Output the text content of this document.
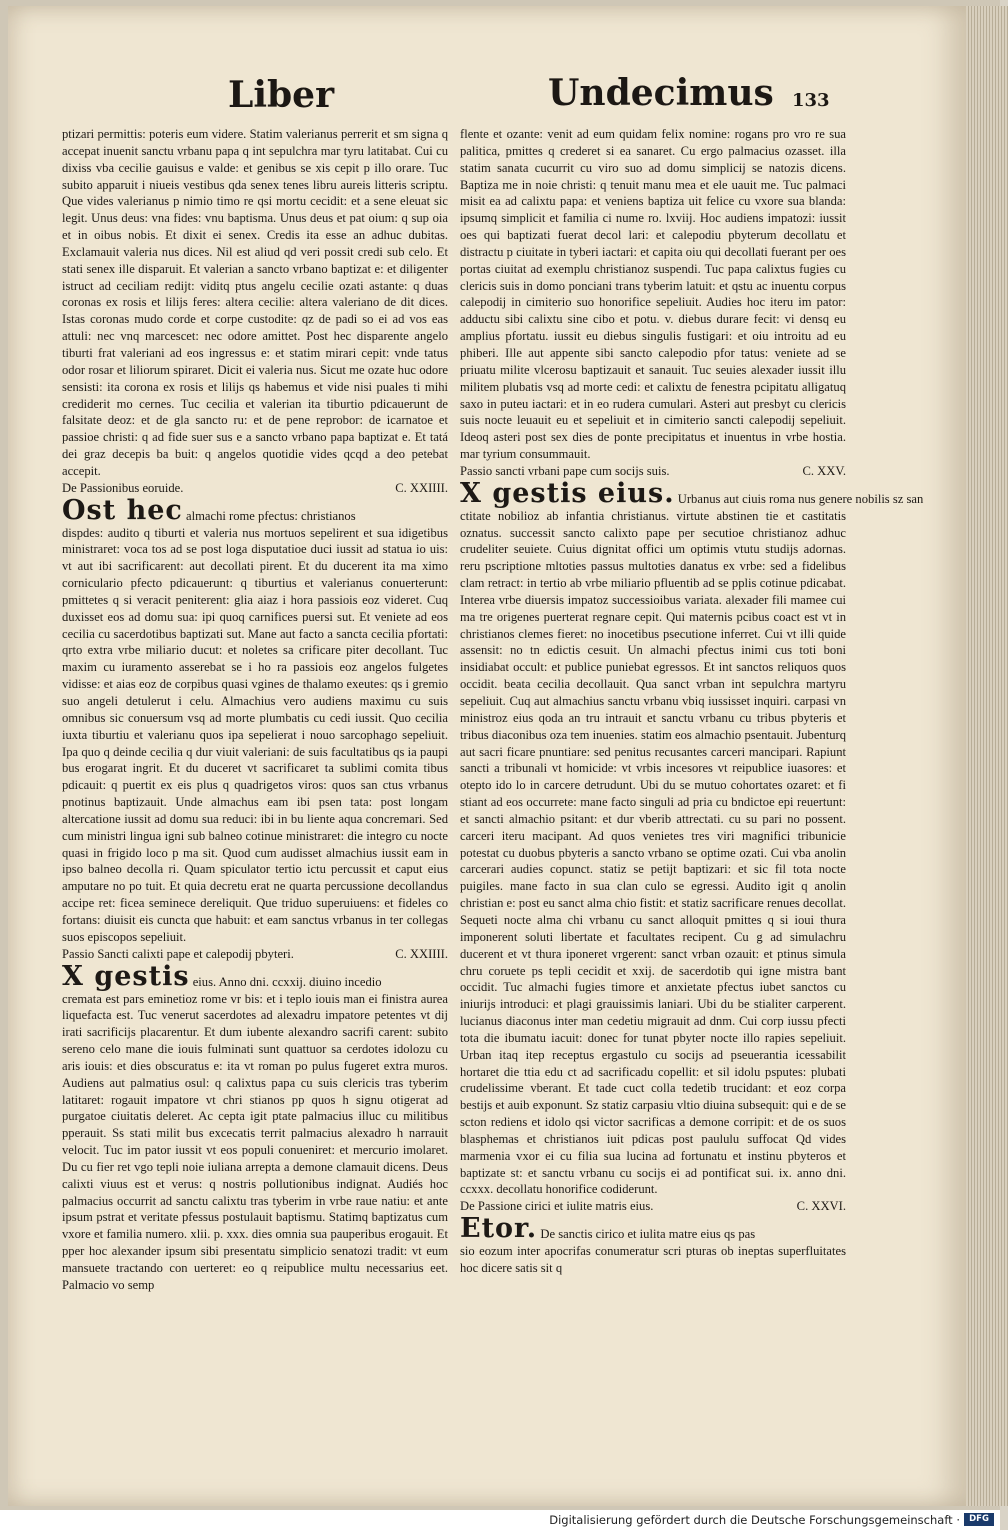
Liber	Undecimus 133

ptizari permittis: poteris eum videre. Statim valerianus perrerit et sm signa q accepat inuenit sanctu vrbanu papa q int sepulchra mar tyru latitabat. Cui cu dixiss vba cecilie gauisus e valde: et genibus se xis cepit p illo orare. Tuc subito apparuit i niueis vestibus qda senex tenes libru aureis litteris scriptu. Que vides valerianus p nimio timo re qsi mortu cecidit: et a sene eleuat sic legit. Unus deus: vna fides: vnu baptisma. Unus deus et pat oium: q sup oia et in oibus nobis. Et dixit ei senex. Credis ita esse an adhuc dubitas. Exclamauit valeria nus dices. Nil est aliud qd veri possit credi sub celo. Et stati senex ille disparuit. Et valerian a sancto vrbano baptizat e: et diligenter istruct ad ceciliam redijt: viditq ptus angelu cecilie ozati astante: q duas coronas ex rosis et lilijs feres: altera cecilie: altera valeriano de dit dices. Istas coronas mudo corde et corpe custodite: qz de padi so ei ad vos eas attuli: nec vnq marcescet: nec odore amittet. Post hec disparente angelo tiburti frat valeriani ad eos ingressus e: et statim mirari cepit: vnde tatus odor rosar et liliorum spiraret. Dicit ei valeria nus. Sicut me ozate huc odore sensisti: ita corona ex rosis et lilijs qs habemus et vide nisi puales ti mihi crediderit mo cernes. Tuc cecilia et valerian ita tiburtio pdicauerunt de falsitate deoz: et de gla sancto ru: et de pene reprobor: de icarnatoe et passioe christi: q ad fide suer sus e a sancto vrbano papa baptizat e. Et tatá dei graz decepis ba buit: q angelos quotidie vides qcqd a deo petebat accepit.

De Passionibus eoruide.	C. XXIIII.

Ost hec almachi rome pfectus: christianos

dispdes: audito q tiburti et valeria nus mortuos sepelirent et sua idigetibus ministraret: voca tos ad se post loga disputatioe duci iussit ad statua io uis: vt aut ibi sacrificarent: aut decollati pirent. Et du ducerent ita ma ximo corniculario pfecto pdicauerunt: q tiburtius et valerianus conuerterunt: pmittetes q si veracit peniterent: glia aiaz i hora passiois eoz videret. Cuq duxisset eos ad domu sua: ipi quoq carnifices puersi sut. Et veniete ad eos cecilia cu sacerdotibus baptizati sut. Mane aut facto a sancta cecilia pfortati: qrto extra vrbe miliario ducut: et noletes sa crificare piter decollant. Tuc maxim cu iuramento asserebat se i ho ra passiois eoz angelos fulgetes vidisse: et aias eoz de corpibus quasi vgines de thalamo exeutes: qs i gremio suo angeli detulerut i celu. Almachius vero audiens maximu cu suis omnibus sic conuersum vsq ad morte plumbatis cu cedi iussit. Quo cecilia iuxta tiburtiu et valerianu quos ipa sepelierat i nouo sarcophago sepeliuit. Ipa quo q deinde cecilia q dur viuit valeriani: de suis facultatibus qs ia paupi bus erogarat ingrit. Et du duceret vt sacrificaret ta sublimi comita tibus pdicauit: q puertit ex eis plus q quadrigetos viros: quos san ctus vrbanus pnotinus baptizauit. Unde almachus eam ibi psen tata: post longam altercatione iussit ad domu sua reduci: ibi in bu liente aqua concremari. Sed cum ministri lingua igni sub balneo cotinue ministraret: die integro cu nocte quasi in frigido loco p ma sit. Quod cum audisset almachius iussit eam in ipso balneo decolla ri. Quam spiculator tertio ictu percussit et caput eius amputare no po tuit. Et quia decretu erat ne quarta percussione decollandus accipe ret: ficea seminece dereliquit. Que triduo superuiuens: et fideles co fortans: diuisit eis cuncta que habuit: et eam sanctus vrbanus in ter collegas suos episcopos sepeliuit.

Passio Sancti calixti pape et calepodij pbyteri.	C. XXIIII.

X gestis eius. Anno dni. ccxxij. diuino incedio

cremata est pars eminetioz rome vr bis: et i teplo iouis man ei finistra aurea liquefacta est. Tuc venerut sacerdotes ad alexadru impatore petentes vt dij irati sacrificijs placarentur. Et dum iubente alexandro sacrifi carent: subito sereno celo mane die iouis fulminati sunt quattuor sa cerdotes idolozu cu aris iouis: et dies obscuratus e: ita vt roman po pulus fugeret extra muros. Audiens aut palmatius osul: q calixtus papa cu suis clericis tras tyberim latitaret: rogauit impatore vt chri stianos pp quos h signu otigerat ad purgatoe ciuitatis deleret. Ac cepta igit ptate palmacius illuc cu militibus pperauit. Ss stati milit bus excecatis territ palmacius alexadro h narrauit velocit. Tuc im pator iussit vt eos populi conueniret: et mercurio imolaret. Du cu fier ret vgo tepli noie iuliana arrepta a demone clamauit dicens. Deus calixti viuus est et verus: q nostris pollutionibus indignat. Audiés hoc palmacius occurrit ad sanctu calixtu tras tyberim in vrbe raue natiu: et ante ipsum pstrat et veritate pfessus postulauit baptismu. Statimq baptizatus cum vxore et familia numero. xlii. p. xxx. dies omnia sua pauperibus erogauit. Et pper hoc alexander ipsum sibi presentatu simplicio senatozi tradit: vt eum mansuete tractando con uerteret: eo q reipublice multu necessarius eet. Palmacio vo semp

flente et ozante: venit ad eum quidam felix nomine: rogans pro vro re sua palitica, pmittes q crederet si ea sanaret. Cu ergo palmacius ozasset. illa statim sanata cucurrit cu viro suo ad domu simplicij se natozis dicens. Baptiza me in noie christi: q tenuit manu mea et ele uauit me. Tuc palmaci misit ea ad calixtu papa: et veniens baptiza uit felice cu vxore sua blanda: ipsumq simplicit et familia ci nume ro. lxviij. Hoc audiens impatozi: iussit oes qui baptizati fuerat decol lari: et calepodiu pbyterum decollatu et distractu p ciuitate in tyberi iactari: et capita oiu qui decollati fuerant per oes portas ciuitat ad exemplu christianoz suspendi. Tuc papa calixtus fugies cu clericis suis in domo ponciani trans tyberim latuit: et qstu ac inuentu corpus calepodij in cimiterio suo honorifice sepeliuit. Audies hoc iteru im pator: adductu sibi calixtu sine cibo et potu. v. diebus durare fecit: vi densq eu amplius pfortatu. iussit eu diebus singulis fustigari: et oiu introitu ad eu phiberi. Ille aut appente sibi sancto calepodio pfor tatus: veniete ad se priuatu milite vlcerosu baptizauit et sanauit. Tuc seuies alexader iussit illu militem plubatis vsq ad morte cedi: et calixtu de fenestra pcipitatu alligatuq saxo in puteu iactari: et in eo rudera cumulari. Asteri aut presbyt cu clericis suis nocte leuauit eu et sepeliuit et in cimiterio sancti calepodij sepeliuit. Ideoq asteri post sex dies de ponte precipitatus et inuentus in vrbe hostia. mar tyrium consummauit.

Passio sancti vrbani pape cum socijs suis.	C. XXV.

X gestis eius. Urbanus aut ciuis roma nus genere nobilis sz san

ctitate nobilioz ab infantia christianus. virtute abstinen tie et castitatis oznatus. successit sancto calixto pape per secutioe christianoz adhuc crudeliter seuiete. Cuius dignitat offici um optimis vtutu studijs adornas. reru pscriptione mltoties passus multoties danatus ex vrbe: sed a fidelibus clam retract: in tertio ab vrbe miliario pfluentib ad se pplis cotinue pdicabat. Interea vrbe diuersis impatoz successioibus variata. alexader fili mamee cui ma tre origenes puerterat regnare cepit. Qui maternis pcibus coact est vt in christianos clemes fieret: no inocetibus psecutione inferret. Cui vt illi quide assensit: no tn edictis cesuit. Un almachi pfectus inimi cus toti boni insidiabat occult: et publice puniebat egressos. Et int sanctos reliquos quos occidit. beata cecilia decollauit. Qua sanct vrban int sepulchra martyru sepeliuit. Cuq aut almachius sanctu vrbanu vbiq iussisset inquiri. carpasi vn ministroz eius qoda an tru intrauit et sanctu vrbanu cu tribus pbyteris et tribus diaconibus oza tem inuenies. statim eos almachio psentauit. Jubenturq aut sacri ficare pnuntiare: sed penitus recusantes carceri mancipari. Rapiunt sancti a tribunali vt homicide: vt vrbis incesores vt reipublice iuasores: et otepto ido lo in carcere detrudunt. Ubi du se mutuo cohortates ozaret: et fi stiant ad eos occurrete: mane facto singuli ad pria cu bndictoe epi reuertunt: et sancti almachio psitant: et dur vberib attrectati. cu su pari no possent. carceri iteru macipant. Ad quos venietes tres viri magnifici tribunicie potestat cu duobus pbyteris a sancto vrbano se optime ozati. Cui vba anolin carcerari audies copunct. statiz se petijt baptizari: et sic fil tota nocte puigiles. mane facto in sua clan culo se egressi. Audito igit q anolin christian e: post eu sanct alma chio fistit: et statiz sacrificare renues decollat. Sequeti nocte alma chi vrbanu cu sanct alloquit pmittes q si ioui thura imponerent soluti libertate et facultates recipent. Cu g ad simulachru ducerent et vt thura iponeret vrgerent: sanct vrban ozauit: et ptinus simula chru coruete ps tepli cecidit et xxij. de sacerdotib qui igne mistra bant occidit. Tuc almachi fugies timore et anxietate pfectus iubet sanctos cu iniurijs introduci: et plagi grauissimis laniari. Ubi du be stialiter carperent. lucianus diaconus inter man cedetiu migrauit ad dnm. Cui corp iussu pfecti tota die ibumatu iacuit: donec for tunat pbyter nocte illo rapies sepeliuit. Urban itaq itep receptus ergastulo cu socijs ad pseuerantia icessabilit hortaret die ttia edu ct ad sacrificadu copellit: et sil idolu psputes: plubati crudelissime vberant. Et tade cuct colla tedetib trucidant: et eoz corpa bestijs et auib exponunt. Sz statiz carpasiu vltio diuina subsequit: qui e de se scton rediens et idolo qsi victor sacrificas a demone corripit: et de os suos blasphemas et christianos iuit pdicas post paululu suffocat Qd vides marmenia vxor ei cu filia sua lucina ad fortunatu et instinu pbyteros et baptizate st: et sanctu vrbanu cu socijs ei ad pontificat sui. ix. anno dni. ccxxx. decollatu honorifice codiderunt.

De Passione cirici et iulite matris eius.	C. XXVI.

Etor. De sanctis cirico et iulita matre eius qs pas

sio eozum inter apocrifas conumeratur scri pturas ob ineptas superfluitates hoc dicere satis sit q

Digitalisierung gefördert durch die Deutsche Forschungsgemeinschaft ·	DFG
